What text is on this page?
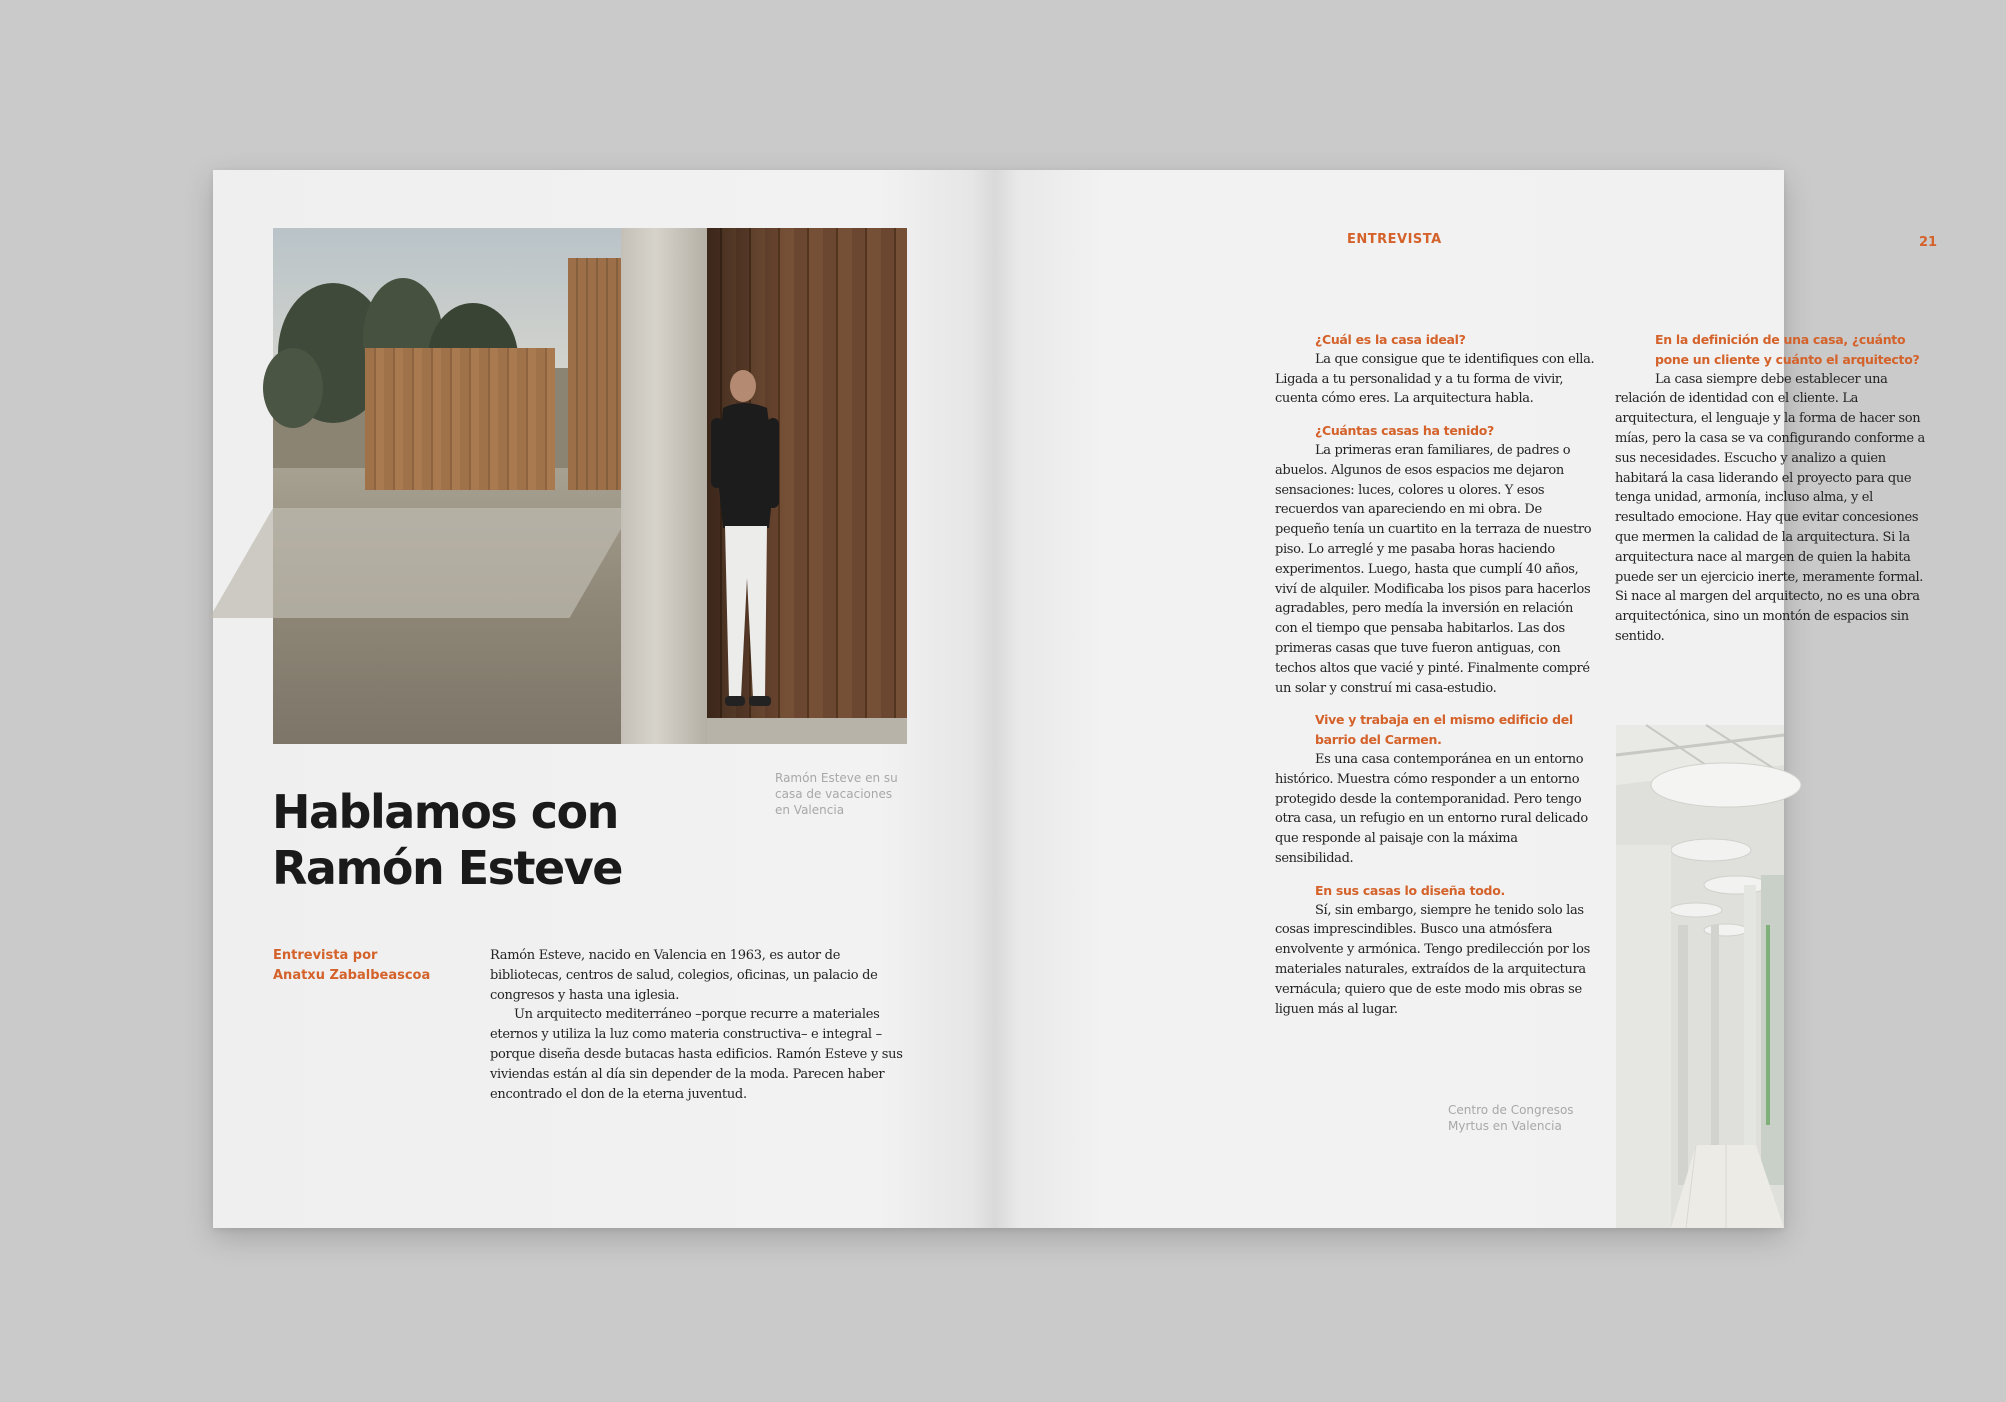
Ramón Esteve en su
casa de vacaciones
en Valencia
Hablamos con
Ramón Esteve
Entrevista por
Anatxu Zabalbeascoa

Ramón Esteve, nacido en Valencia en 1963, es autor de bibliotecas, centros de salud, colegios, oficinas, un palacio de congresos y hasta una iglesia.

Un arquitecto mediterráneo –porque recurre a materiales eternos y utiliza la luz como materia constructiva– e integral –porque diseña desde butacas hasta edificios. Ramón Esteve y sus viviendas están al día sin depender de la moda. Parecen haber encontrado el don de la eterna juventud.

ENTREVISTA	21

¿Cuál es la casa ideal?

La que consigue que te identifiques con ella. Ligada a tu personalidad y a tu forma de vivir, cuenta cómo eres. La arquitectura habla.

¿Cuántas casas ha tenido?

La primeras eran familiares, de padres o abuelos. Algunos de esos espacios me dejaron sensaciones: luces, colores u olores. Y esos recuerdos van apareciendo en mi obra. De pequeño tenía un cuartito en la terraza de nuestro piso. Lo arreglé y me pasaba horas haciendo experimentos. Luego, hasta que cumplí 40 años, viví de alquiler. Modificaba los pisos para hacerlos agradables, pero medía la inversión en relación con el tiempo que pensaba habitarlos. Las dos primeras casas que tuve fueron antiguas, con techos altos que vacié y pinté. Finalmente compré un solar y construí mi casa-estudio.

Vive y trabaja en el mismo edificio del barrio del Carmen.

Es una casa contemporánea en un entorno histórico. Muestra cómo responder a un entorno protegido desde la contemporanidad. Pero tengo otra casa, un refugio en un entorno rural delicado que responde al paisaje con la máxima sensibilidad.

En sus casas lo diseña todo.

Sí, sin embargo, siempre he tenido solo las cosas imprescindibles. Busco una atmósfera envolvente y armónica. Tengo predilección por los materiales naturales, extraídos de la arquitectura vernácula; quiero que de este modo mis obras se liguen más al lugar.

En la definición de una casa, ¿cuánto pone un cliente y cuánto el arquitecto?

La casa siempre debe establecer una relación de identidad con el cliente. La arquitectura, el lenguaje y la forma de hacer son mías, pero la casa se va configurando conforme a sus necesidades. Escucho y analizo a quien habitará la casa liderando el proyecto para que tenga unidad, armonía, incluso alma, y el resultado emocione. Hay que evitar concesiones que mermen la calidad de la arquitectura. Si la arquitectura nace al margen de quien la habita puede ser un ejercicio inerte, meramente formal. Si nace al margen del arquitecto, no es una obra arquitectónica, sino un montón de espacios sin sentido.

Centro de Congresos
Myrtus en Valencia
